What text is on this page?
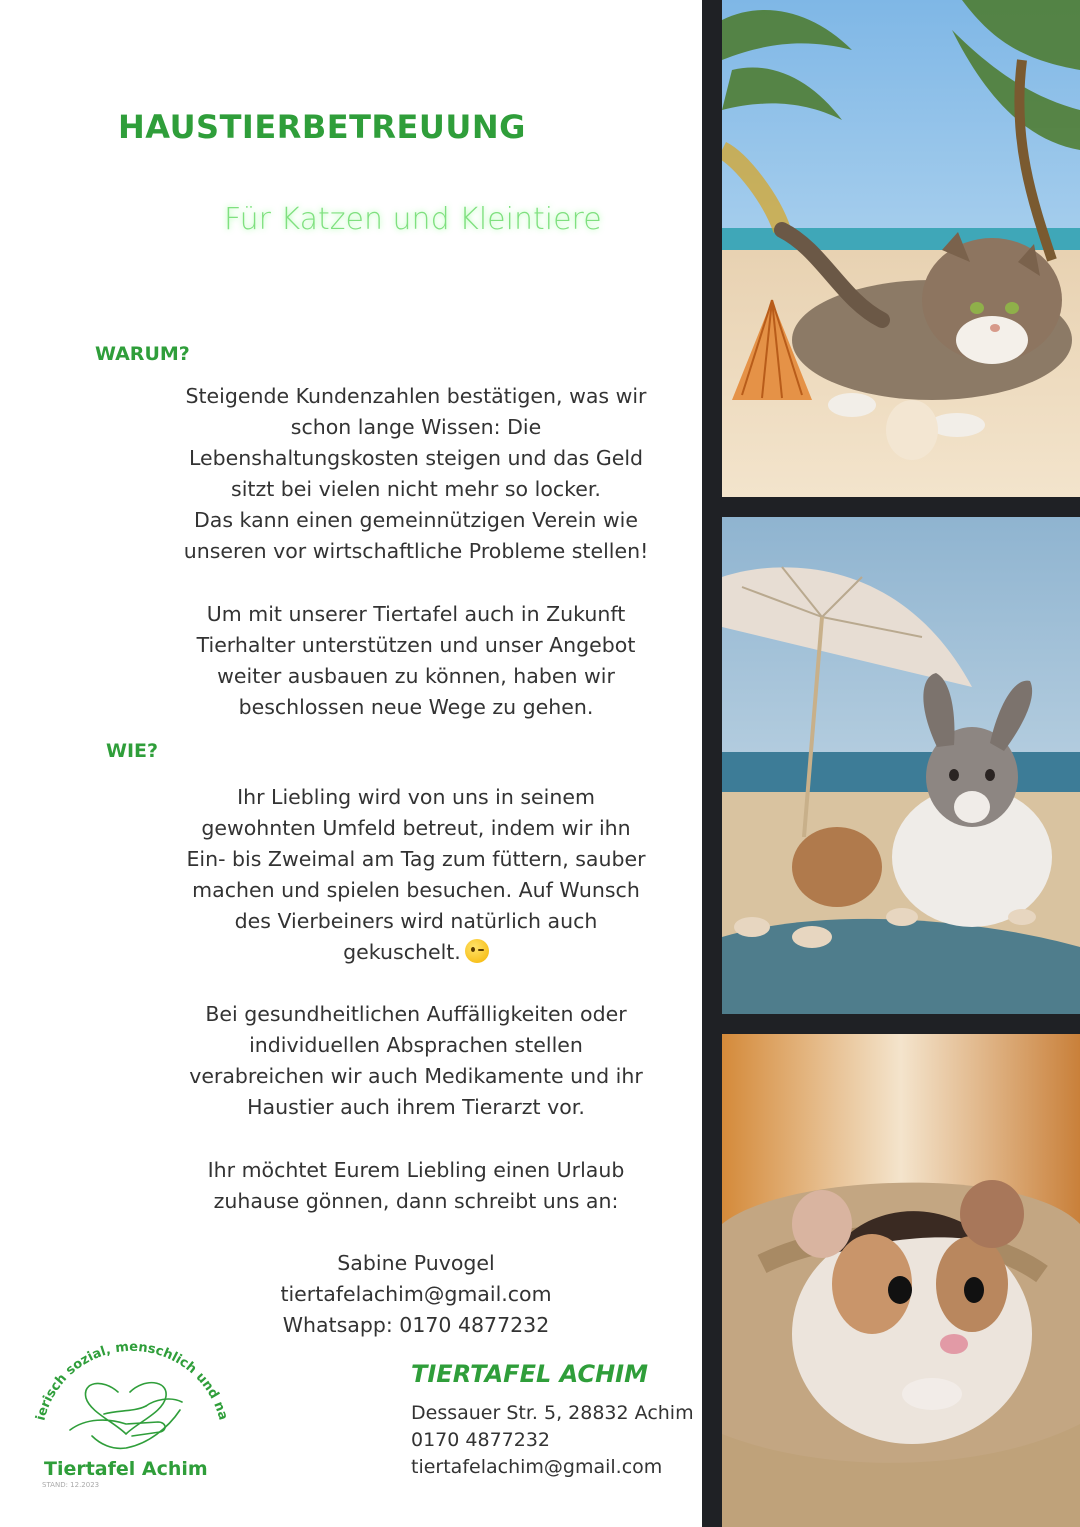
HAUSTIERBETREUUNG
Für Katzen und Kleintiere
WARUM?
Steigende Kundenzahlen bestätigen, was wir
schon lange Wissen: Die
Lebenshaltungskosten steigen und das Geld
sitzt bei vielen nicht mehr so locker.
Das kann einen gemeinnützigen Verein wie
unseren vor wirtschaftliche Probleme stellen!
Um mit unserer Tiertafel auch in Zukunft
Tierhalter unterstützen und unser Angebot
weiter ausbauen zu können, haben wir
beschlossen neue Wege zu gehen.
WIE?
Ihr Liebling wird von uns in seinem
gewohnten Umfeld betreut, indem wir ihn
Ein- bis Zweimal am Tag zum füttern, sauber
machen und spielen besuchen. Auf Wunsch
des Vierbeiners wird natürlich auch
gekuschelt.
Bei gesundheitlichen Auffälligkeiten oder
individuellen Absprachen stellen
verabreichen wir auch Medikamente und ihr
Haustier auch ihrem Tierarzt vor.
Ihr möchtet Eurem Liebling einen Urlaub
zuhause gönnen, dann schreibt uns an:
Sabine Puvogel
tiertafelachim@gmail.com
Whatsapp: 0170 4877232
ierisch sozial, menschlich und na
Tiertafel Achim
STAND: 12.2023
TIERTAFEL ACHIM
Dessauer Str. 5, 28832 Achim
0170 4877232
tiertafelachim@gmail.com
